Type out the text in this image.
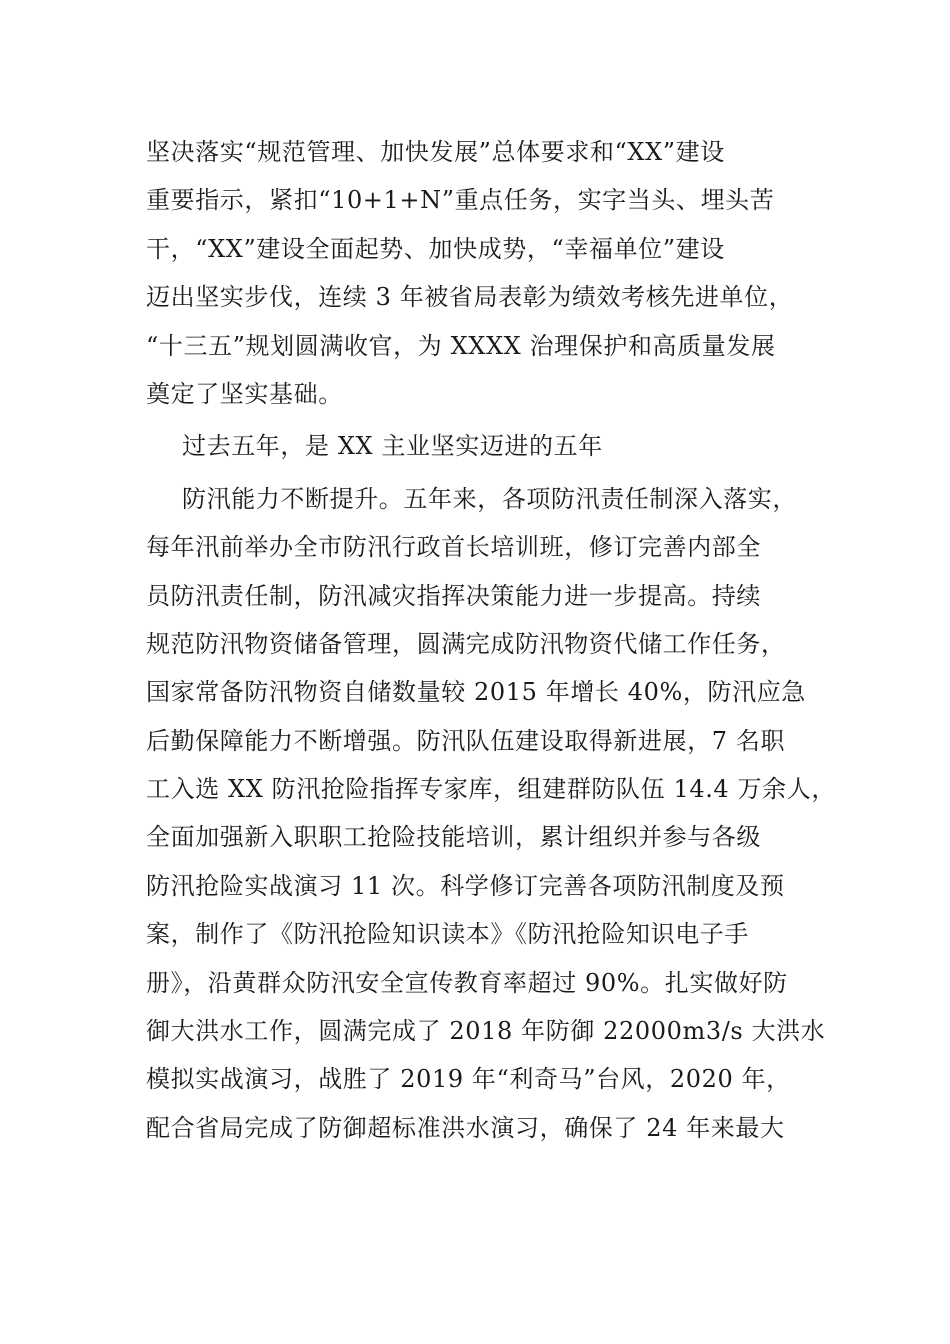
坚决落实“规范管理、加快发展”总体要求和“XX”建设
重要指示，紧扣“10+1+N”重点任务，实字当头、埋头苦
干，“XX”建设全面起势、加快成势，“幸福单位”建设
迈出坚实步伐，连续 3 年被省局表彰为绩效考核先进单位，
“十三五”规划圆满收官，为 XXXX 治理保护和高质量发展
奠定了坚实基础。
过去五年，是 XX 主业坚实迈进的五年
防汛能力不断提升。五年来，各项防汛责任制深入落实，
每年汛前举办全市防汛行政首长培训班，修订完善内部全
员防汛责任制，防汛减灾指挥决策能力进一步提高。持续
规范防汛物资储备管理，圆满完成防汛物资代储工作任务，
国家常备防汛物资自储数量较 2015 年增长 40%，防汛应急
后勤保障能力不断增强。防汛队伍建设取得新进展，7 名职
工入选 XX 防汛抢险指挥专家库，组建群防队伍 14.4 万余人，
全面加强新入职职工抢险技能培训，累计组织并参与各级
防汛抢险实战演习 11 次。科学修订完善各项防汛制度及预
案，制作了《防汛抢险知识读本》《防汛抢险知识电子手
册》，沿黄群众防汛安全宣传教育率超过 90%。扎实做好防
御大洪水工作，圆满完成了 2018 年防御 22000m3/s 大洪水
模拟实战演习，战胜了 2019 年“利奇马”台风，2020 年，
配合省局完成了防御超标准洪水演习，确保了 24 年来最大
